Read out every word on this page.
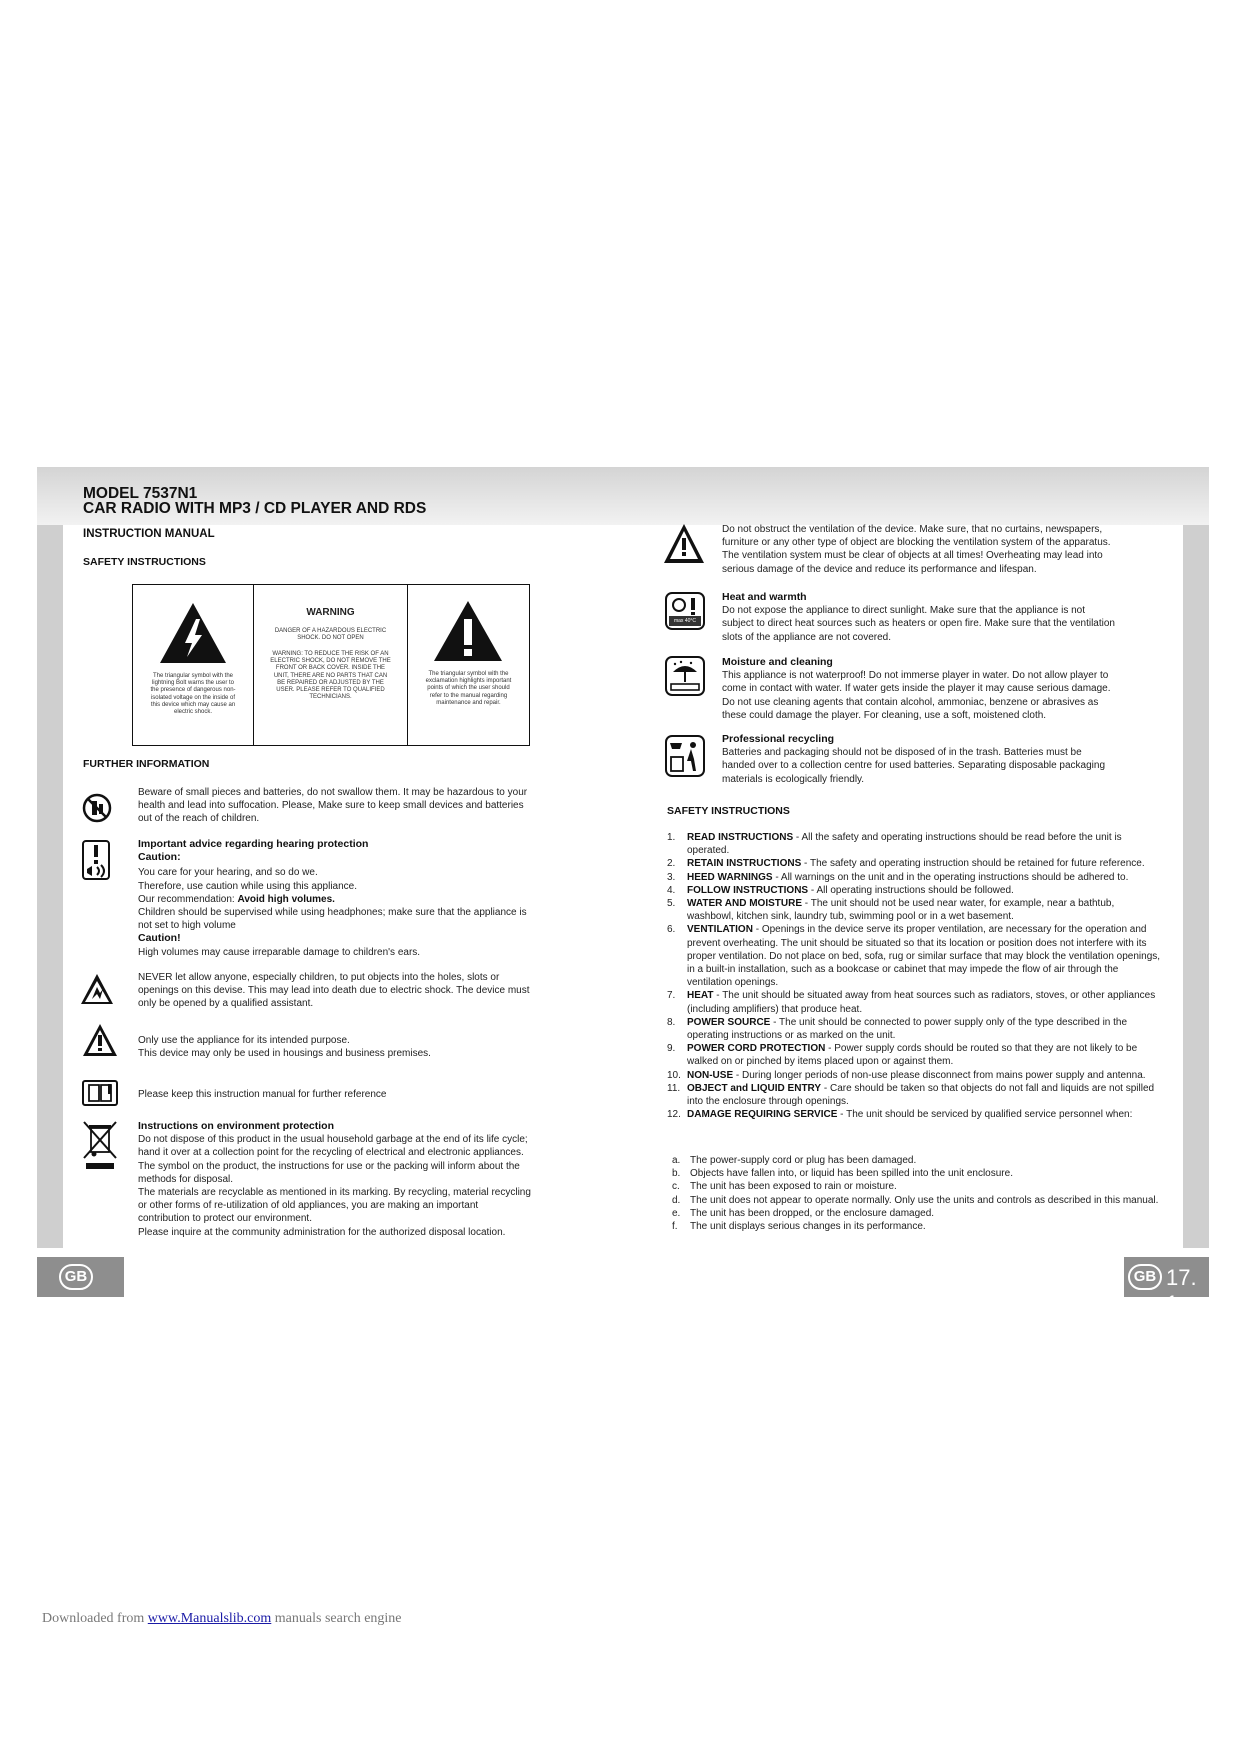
GB	GB 17. 1
MODEL 7537N1
CAR RADIO WITH MP3 / CD PLAYER AND RDS
INSTRUCTION MANUAL
SAFETY INSTRUCTIONS
The triangular symbol with the lightning Bolt warns the user to the presence of dangerous non-isolated voltage on the inside of this device which may cause an electric shock.
WARNING
DANGER OF A HAZARDOUS ELECTRIC SHOCK. DO NOT OPEN
WARNING: TO REDUCE THE RISK OF AN ELECTRIC SHOCK, DO NOT REMOVE THE FRONT OR BACK COVER. INSIDE THE UNIT, THERE ARE NO PARTS THAT CAN BE REPAIRED OR ADJUSTED BY THE USER. PLEASE REFER TO QUALIFIED TECHNICIANS.
The triangular symbol with the exclamation highlights important points of which the user should refer to the manual regarding maintenance and repair.
FURTHER INFORMATION
Beware of small pieces and batteries, do not swallow them. It may be hazardous to your
health and lead into suffocation. Please, Make sure to keep small devices and batteries
out of the reach of children.
Important advice regarding hearing protection
Caution:
You care for your hearing, and so do we.
Therefore, use caution while using this appliance.
Our recommendation: Avoid high volumes.
Children should be supervised while using headphones; make sure that the appliance is
not set to high volume
Caution!
High volumes may cause irreparable damage to children's ears.
NEVER let allow anyone, especially children, to put objects into the holes, slots or
openings on this devise. This may lead into death due to electric shock. The device must
only be opened by a qualified assistant.
Only use the appliance for its intended purpose.
This device may only be used in housings and business premises.
Please keep this instruction manual for further reference
Instructions on environment protection
Do not dispose of this product in the usual household garbage at the end of its life cycle;
hand it over at a collection point for the recycling of electrical and electronic appliances.
The symbol on the product, the instructions for use or the packing will inform about the
methods for disposal.
The materials are recyclable as mentioned in its marking. By recycling, material recycling
or other forms of re-utilization of old appliances, you are making an important
contribution to protect our environment.
Please inquire at the community administration for the authorized disposal location.
Do not obstruct the ventilation of the device. Make sure, that no curtains, newspapers,
furniture or any other type of object are blocking the ventilation system of the apparatus.
The ventilation system must be clear of objects at all times! Overheating may lead into
serious damage of the device and reduce its performance and lifespan.
max 40°C
Heat and warmth
Do not expose the appliance to direct sunlight. Make sure that the appliance is not
subject to direct heat sources such as heaters or open fire. Make sure that the ventilation
slots of the appliance are not covered.
Moisture and cleaning
This appliance is not waterproof! Do not immerse player in water. Do not allow player to
come in contact with water. If water gets inside the player it may cause serious damage.
Do not use cleaning agents that contain alcohol, ammoniac, benzene or abrasives as
these could damage the player. For cleaning, use a soft, moistened cloth.
Professional recycling
Batteries and packaging should not be disposed of in the trash. Batteries must be
handed over to a collection centre for used batteries. Separating disposable packaging
materials is ecologically friendly.
SAFETY INSTRUCTIONS
1. READ INSTRUCTIONS - All the safety and operating instructions should be read before the unit is operated.
2. RETAIN INSTRUCTIONS - The safety and operating instruction should be retained for future reference.
3. HEED WARNINGS - All warnings on the unit and in the operating instructions should be adhered to.
4. FOLLOW INSTRUCTIONS - All operating instructions should be followed.
5. WATER AND MOISTURE - The unit should not be used near water, for example, near a bathtub, washbowl, kitchen sink, laundry tub, swimming pool or in a wet basement.
6. VENTILATION - Openings in the device serve its proper ventilation, are necessary for the operation and prevent overheating. The unit should be situated so that its location or position does not interfere with its proper ventilation. Do not place on bed, sofa, rug or similar surface that may block the ventilation openings, in a built-in installation, such as a bookcase or cabinet that may impede the flow of air through the ventilation openings.
7. HEAT - The unit should be situated away from heat sources such as radiators, stoves, or other appliances (including amplifiers) that produce heat.
8. POWER SOURCE - The unit should be connected to power supply only of the type described in the operating instructions or as marked on the unit.
9. POWER CORD PROTECTION - Power supply cords should be routed so that they are not likely to be walked on or pinched by items placed upon or against them.
10. NON-USE - During longer periods of non-use please disconnect from mains power supply and antenna.
11. OBJECT and LIQUID ENTRY - Care should be taken so that objects do not fall and liquids are not spilled into the enclosure through openings.
12. DAMAGE REQUIRING SERVICE - The unit should be serviced by qualified service personnel when:
a. The power-supply cord or plug has been damaged.
b. Objects have fallen into, or liquid has been spilled into the unit enclosure.
c. The unit has been exposed to rain or moisture.
d. The unit does not appear to operate normally. Only use the units and controls as described in this manual.
e. The unit has been dropped, or the enclosure damaged.
f. The unit displays serious changes in its performance.
Downloaded from www.Manualslib.com manuals search engine
